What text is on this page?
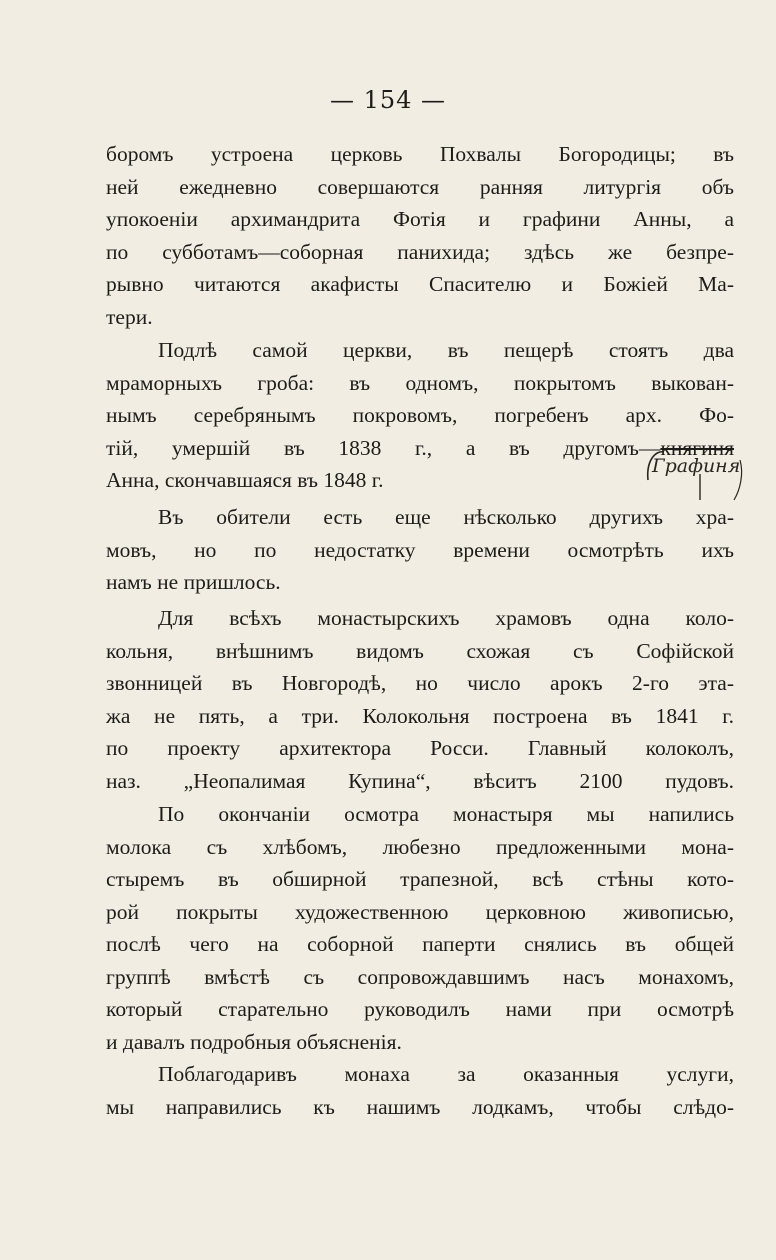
— 154 —
боромъ устроена церковь Похвалы Богородицы; въ
ней ежедневно совершаются ранняя литургія объ
упокоеніи архимандрита Фотія и графини Анны, а
по субботамъ—соборная панихида; здѣсь же безпре-
рывно читаются акафисты Спасителю и Божіей Ма-
тери.
Подлѣ самой церкви, въ пещерѣ стоятъ два
мраморныхъ гроба: въ одномъ, покрытомъ выкован-
нымъ серебрянымъ покровомъ, погребенъ арх. Фо-
тій, умершій въ 1838 г., а въ другомъ—княгиня
Анна, скончавшаяся въ 1848 г.
Графиня
Въ обители есть еще нѣсколько другихъ хра-
мовъ, но по недостатку времени осмотрѣть ихъ
намъ не пришлось.
Для всѣхъ монастырскихъ храмовъ одна коло-
кольня, внѣшнимъ видомъ схожая съ Софійской
звонницей въ Новгородѣ, но число арокъ 2-го эта-
жа не пять, а три. Колокольня построена въ 1841 г.
по проекту архитектора Росси. Главный колоколъ,
наз. „Неопалимая Купина“, вѣситъ 2100 пудовъ.
По окончаніи осмотра монастыря мы напились
молока съ хлѣбомъ, любезно предложенными мона-
стыремъ въ обширной трапезной, всѣ стѣны кото-
рой покрыты художественною церковною живописью,
послѣ чего на соборной паперти снялись въ общей
группѣ вмѣстѣ съ сопровождавшимъ насъ монахомъ,
который старательно руководилъ нами при осмотрѣ
и давалъ подробныя объясненія.
Поблагодаривъ монаха за оказанныя услуги,
мы направились къ нашимъ лодкамъ, чтобы слѣдо-
